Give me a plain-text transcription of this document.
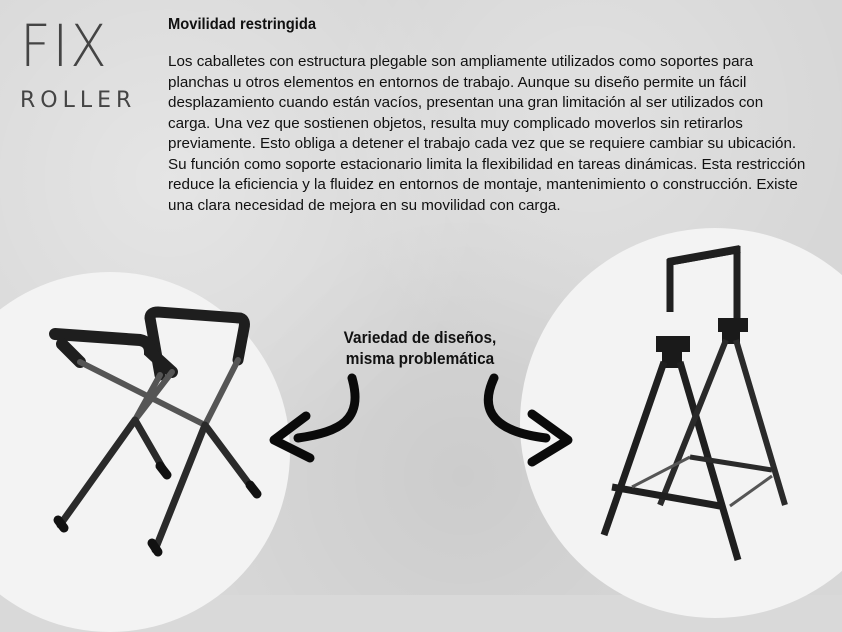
FIX
ROLLER
Movilidad restringida

Los caballetes con estructura plegable son ampliamente utilizados como soportes para planchas u otros elementos en entornos de trabajo. Aunque su diseño permite un fácil desplazamiento cuando están vacíos, presentan una gran limitación al ser utilizados con carga. Una vez que sostienen objetos, resulta muy complicado moverlos sin retirarlos previamente. Esto obliga a detener el trabajo cada vez que se requiere cambiar su ubicación. Su función como soporte estacionario limita la flexibilidad en tareas dinámicas. Esta restricción reduce la eficiencia y la fluidez en entornos de montaje, mantenimiento o construcción. Existe una clara necesidad de mejora en su movilidad con carga.

Variedad de diseños,
misma problemática
